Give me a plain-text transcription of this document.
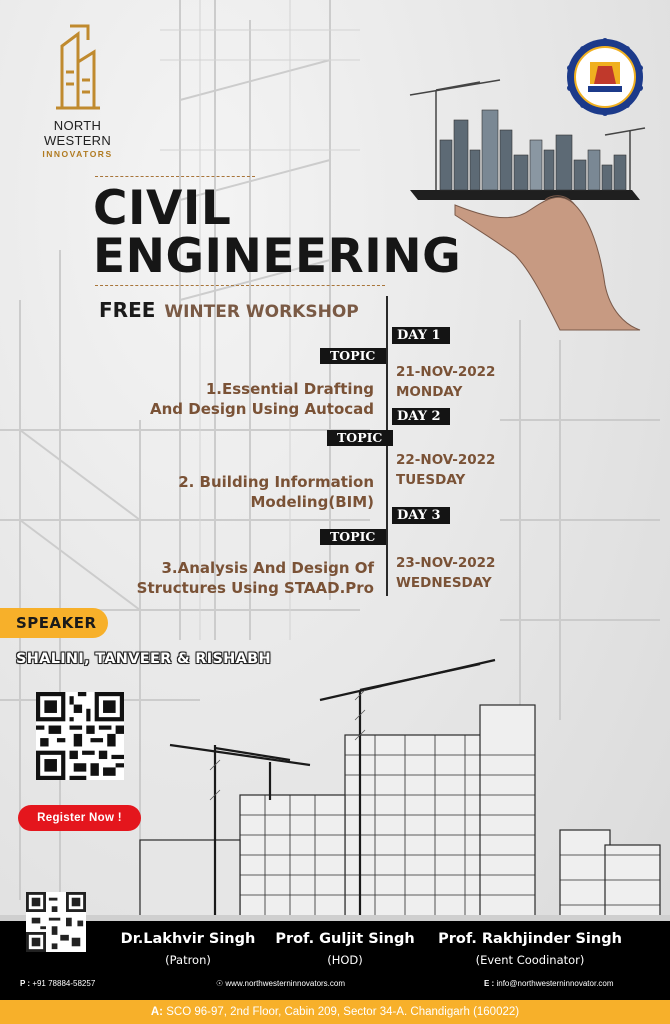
NORTH WESTERN
INNOVATORS
CIVIL
ENGINEERING
FREE WINTER WORKSHOP
DAY 1
TOPIC
1.Essential Drafting
And Design Using Autocad
21-NOV-2022
MONDAY
DAY 2
TOPIC
2. Building Information
Modeling(BIM)
22-NOV-2022
TUESDAY
DAY 3
TOPIC
3.Analysis And Design Of
Structures Using STAAD.Pro
23-NOV-2022
WEDNESDAY
SPEAKER
SHALINI, TANVEER & RISHABH
Register Now !
Dr.Lakhvir Singh
(Patron)
Prof. Guljit Singh
(HOD)
Prof. Rakhjinder Singh
(Event Coodinator)
P : +91 78884-58257	☉ www.northwesterninnovators.com	E : info@northwesterninnovator.com
A: SCO 96-97, 2nd Floor, Cabin 209, Sector 34-A. Chandigarh (160022)
